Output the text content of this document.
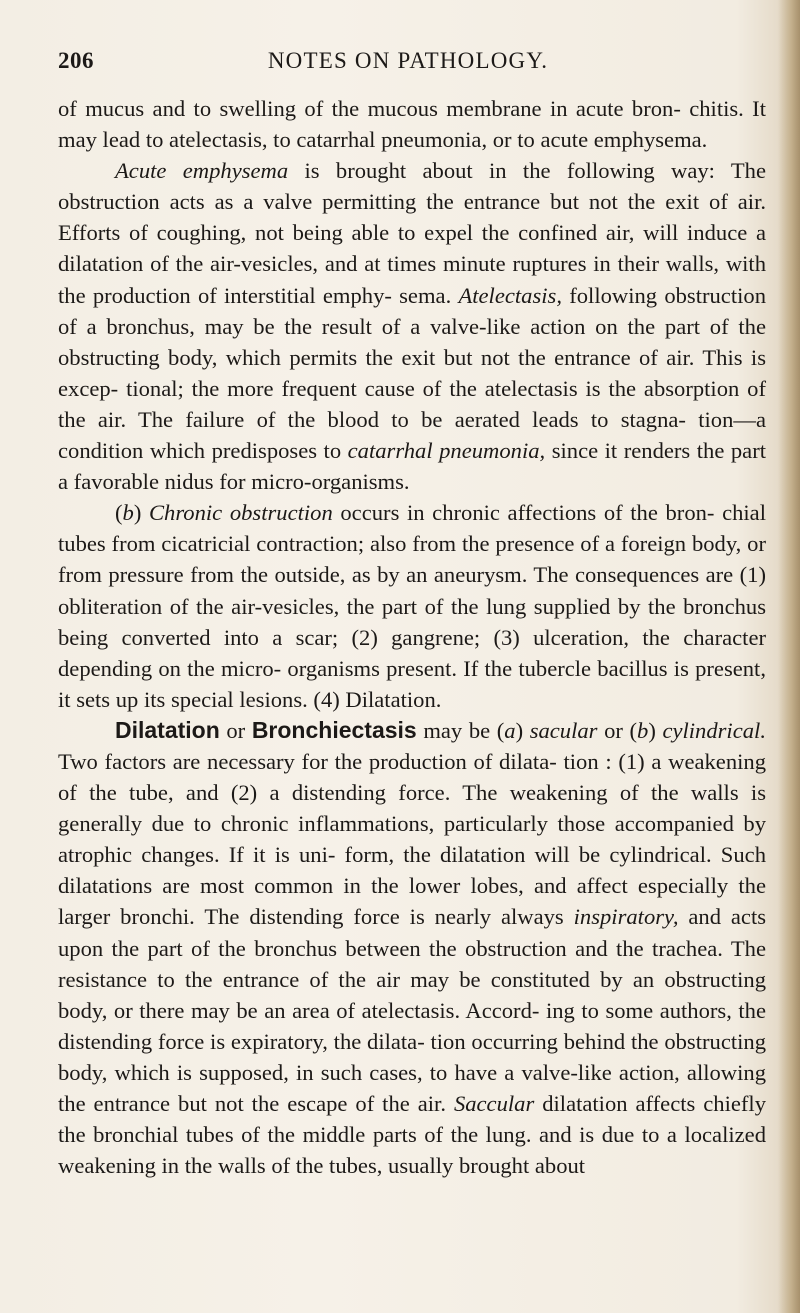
206	NOTES ON PATHOLOGY.

of mucus and to swelling of the mucous membrane in acute bron- chitis. It may lead to atelectasis, to catarrhal pneumonia, or to acute emphysema.

Acute emphysema is brought about in the following way: The obstruction acts as a valve permitting the entrance but not the exit of air. Efforts of coughing, not being able to expel the confined air, will induce a dilatation of the air-vesicles, and at times minute ruptures in their walls, with the production of interstitial emphy- sema. Atelectasis, following obstruction of a bronchus, may be the result of a valve-like action on the part of the obstructing body, which permits the exit but not the entrance of air. This is excep- tional; the more frequent cause of the atelectasis is the absorption of the air. The failure of the blood to be aerated leads to stagna- tion—a condition which predisposes to catarrhal pneumonia, since it renders the part a favorable nidus for micro-organisms.

(b) Chronic obstruction occurs in chronic affections of the bron- chial tubes from cicatricial contraction; also from the presence of a foreign body, or from pressure from the outside, as by an aneurysm. The consequences are (1) obliteration of the air-vesicles, the part of the lung supplied by the bronchus being converted into a scar; (2) gangrene; (3) ulceration, the character depending on the micro- organisms present. If the tubercle bacillus is present, it sets up its special lesions. (4) Dilatation.

Dilatation or Bronchiectasis may be (a) sacular or (b) cylindrical. Two factors are necessary for the production of dilata- tion : (1) a weakening of the tube, and (2) a distending force. The weakening of the walls is generally due to chronic inflammations, particularly those accompanied by atrophic changes. If it is uni- form, the dilatation will be cylindrical. Such dilatations are most common in the lower lobes, and affect especially the larger bronchi. The distending force is nearly always inspiratory, and acts upon the part of the bronchus between the obstruction and the trachea. The resistance to the entrance of the air may be constituted by an obstructing body, or there may be an area of atelectasis. Accord- ing to some authors, the distending force is expiratory, the dilata- tion occurring behind the obstructing body, which is supposed, in such cases, to have a valve-like action, allowing the entrance but not the escape of the air. Saccular dilatation affects chiefly the bronchial tubes of the middle parts of the lung. and is due to a localized weakening in the walls of the tubes, usually brought about
